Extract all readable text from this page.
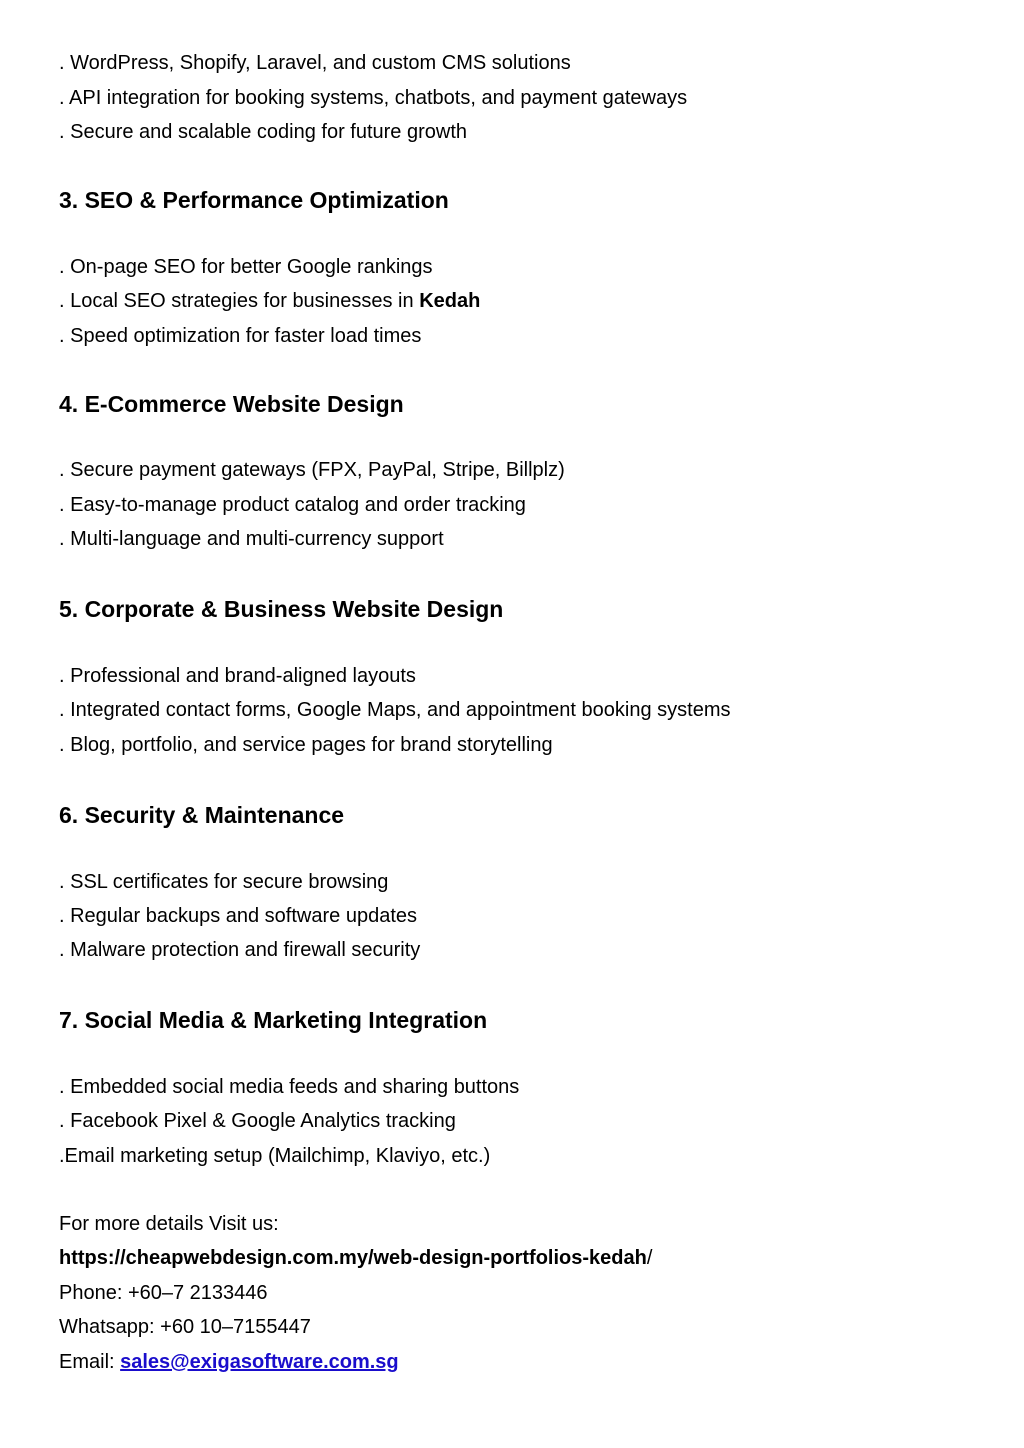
. WordPress, Shopify, Laravel, and custom CMS solutions
. API integration for booking systems, chatbots, and payment gateways
. Secure and scalable coding for future growth
3. SEO & Performance Optimization
. On-page SEO for better Google rankings
. Local SEO strategies for businesses in Kedah
. Speed optimization for faster load times
4. E-Commerce Website Design
. Secure payment gateways (FPX, PayPal, Stripe, Billplz)
. Easy-to-manage product catalog and order tracking
. Multi-language and multi-currency support
5. Corporate & Business Website Design
. Professional and brand-aligned layouts
. Integrated contact forms, Google Maps, and appointment booking systems
. Blog, portfolio, and service pages for brand storytelling
6. Security & Maintenance
. SSL certificates for secure browsing
. Regular backups and software updates
. Malware protection and firewall security
7. Social Media & Marketing Integration
. Embedded social media feeds and sharing buttons
. Facebook Pixel & Google Analytics tracking
.Email marketing setup (Mailchimp, Klaviyo, etc.)
For more details Visit us:
https://cheapwebdesign.com.my/web-design-portfolios-kedah/
Phone: +60–7 2133446
Whatsapp: +60 10–7155447
Email: sales@exigasoftware.com.sg
